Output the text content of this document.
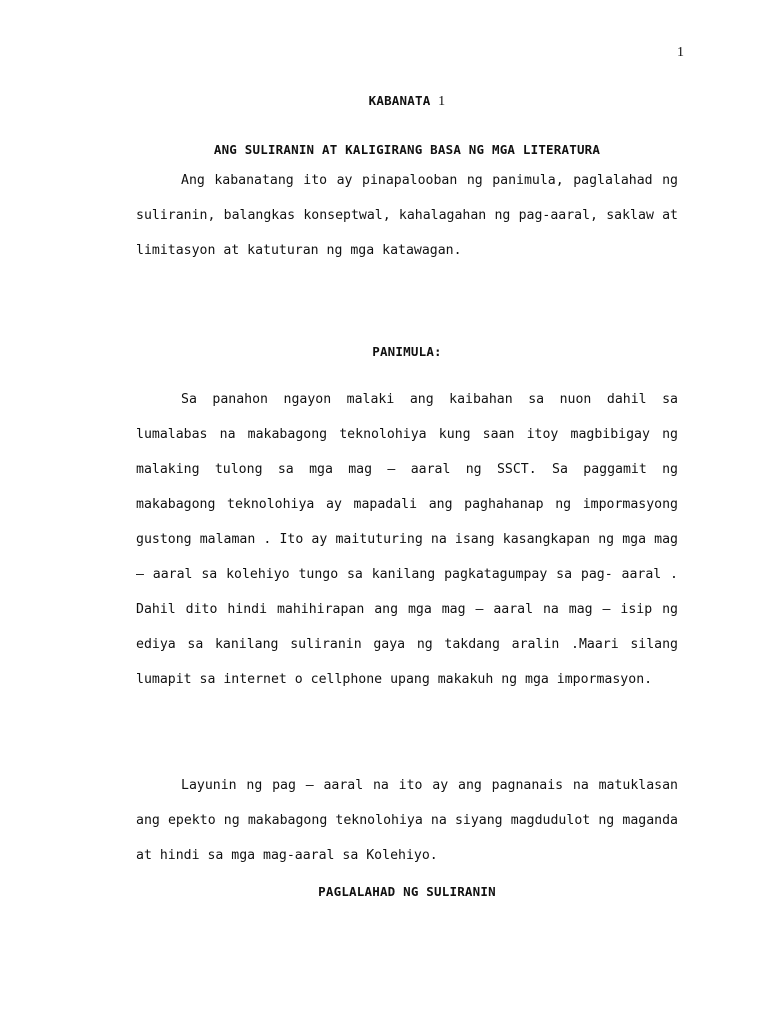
1
KABANATA 1
ANG SULIRANIN AT KALIGIRANG BASA NG MGA LITERATURA

Ang kabanatang ito ay pinapalooban ng panimula, paglalahad ng suliranin, balangkas konseptwal, kahalagahan ng pag-aaral, saklaw at limitasyon at katuturan ng mga katawagan.

PANIMULA:

Sa panahon ngayon malaki ang kaibahan sa nuon dahil sa lumalabas na makabagong teknolohiya kung saan itoy magbibigay ng malaking tulong sa mga mag – aaral ng SSCT. Sa paggamit ng makabagong teknolohiya ay mapadali ang paghahanap ng impormasyong gustong malaman . Ito ay maituturing na isang kasangkapan ng mga mag – aaral sa kolehiyo tungo sa kanilang pagkatagumpay sa pag- aaral . Dahil dito hindi mahihirapan ang mga mag – aaral na mag – isip ng ediya sa kanilang suliranin gaya ng takdang aralin .Maari silang lumapit sa internet o cellphone upang makakuh ng mga impormasyon.

Layunin ng pag – aaral na ito ay ang pagnanais na matuklasan ang epekto ng makabagong teknolohiya na siyang magdudulot ng maganda at hindi sa mga mag-aaral sa Kolehiyo.

PAGLALAHAD NG SULIRANIN
